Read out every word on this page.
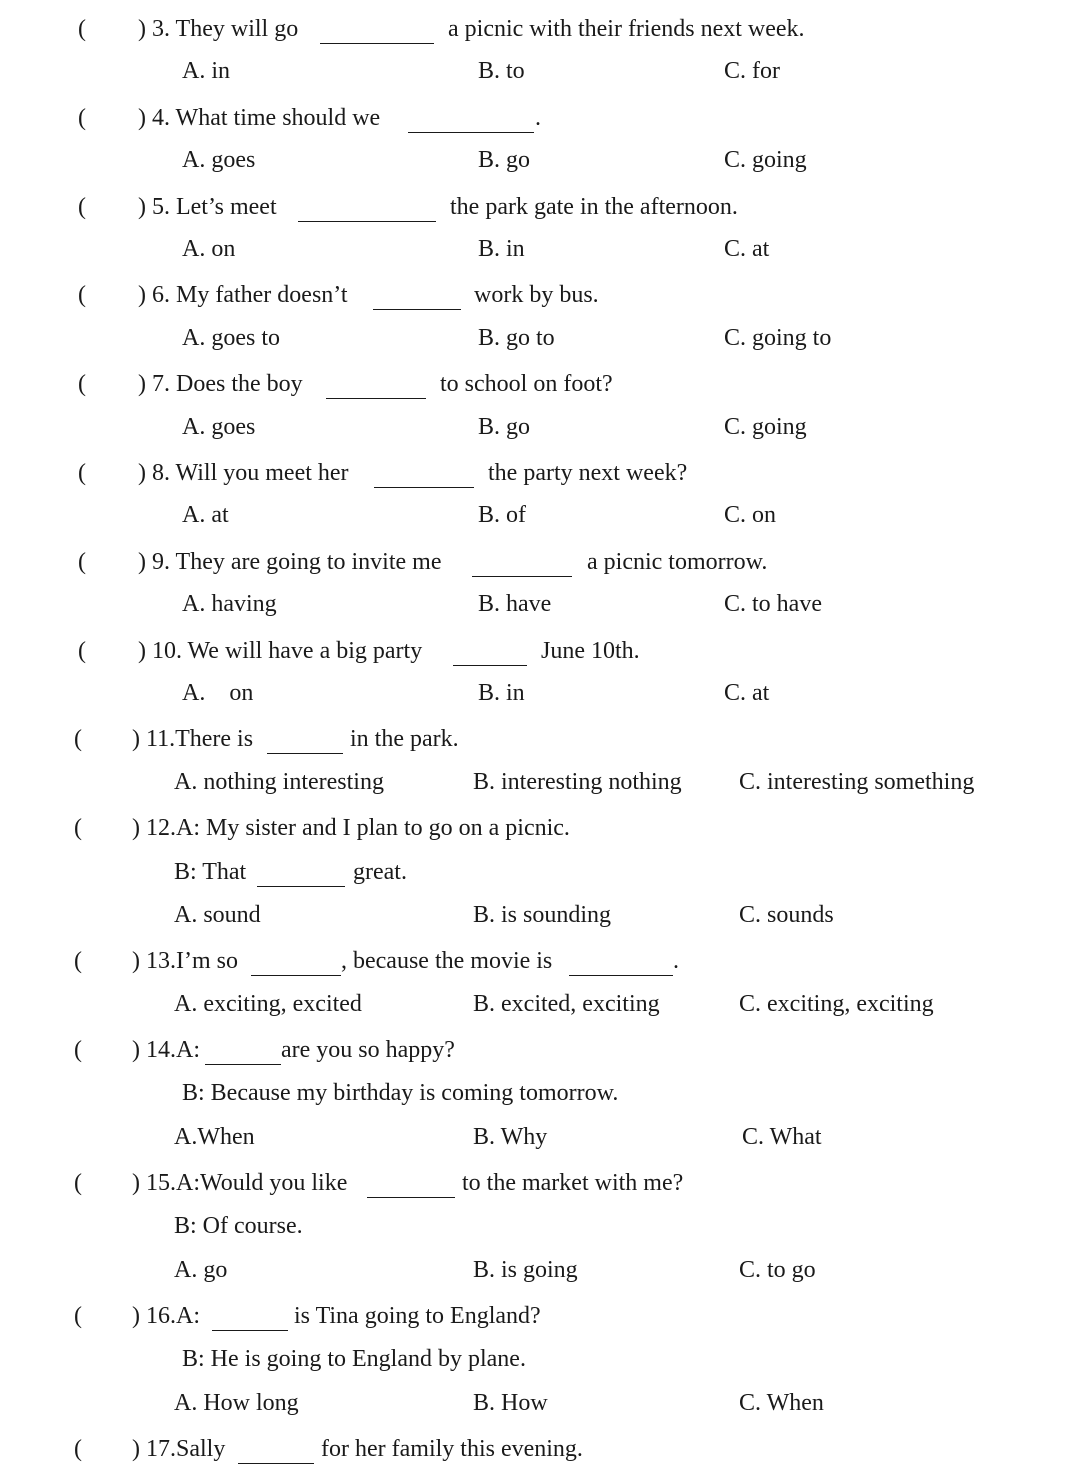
( ) 3. They will go	a picnic with their friends next week.
A. in	B. to	C. for
( ) 4. What time should we	.
A. goes	B. go	C. going
( ) 5. Let’s meet	the park gate in the afternoon.
A. on	B. in	C. at
( ) 6. My father doesn’t	work by bus.
A. goes to	B. go to	C. going to
( ) 7. Does the boy	to school on foot?
A. goes	B. go	C. going
( ) 8. Will you meet her	the party next week?
A. at	B. of	C. on
( ) 9. They are going to invite me	a picnic tomorrow.
A. having	B. have	C. to have
( ) 10. We will have a big party	June 10th.
A.    on	B. in	C. at
( ) 11.There is	in the park.
A. nothing interesting	B. interesting nothing C. interesting something
( ) 12.A: My sister and I plan to go on a picnic.
B: That	great.
A. sound	B. is sounding	C. sounds
( ) 13.I’m so	, because the movie is	.
A. exciting, excited	B. excited, exciting	C. exciting, exciting
( ) 14.A:	are you so happy?
B: Because my birthday is coming tomorrow.
A.When	B. Why	C. What
( ) 15.A:Would you like	to the market with me?
B: Of course.
A. go	B. is going	C. to go
( ) 16.A:	is Tina going to England?
B: He is going to England by plane.
A. How long	B. How	C. When
( ) 17.Sally	for her family this evening.
